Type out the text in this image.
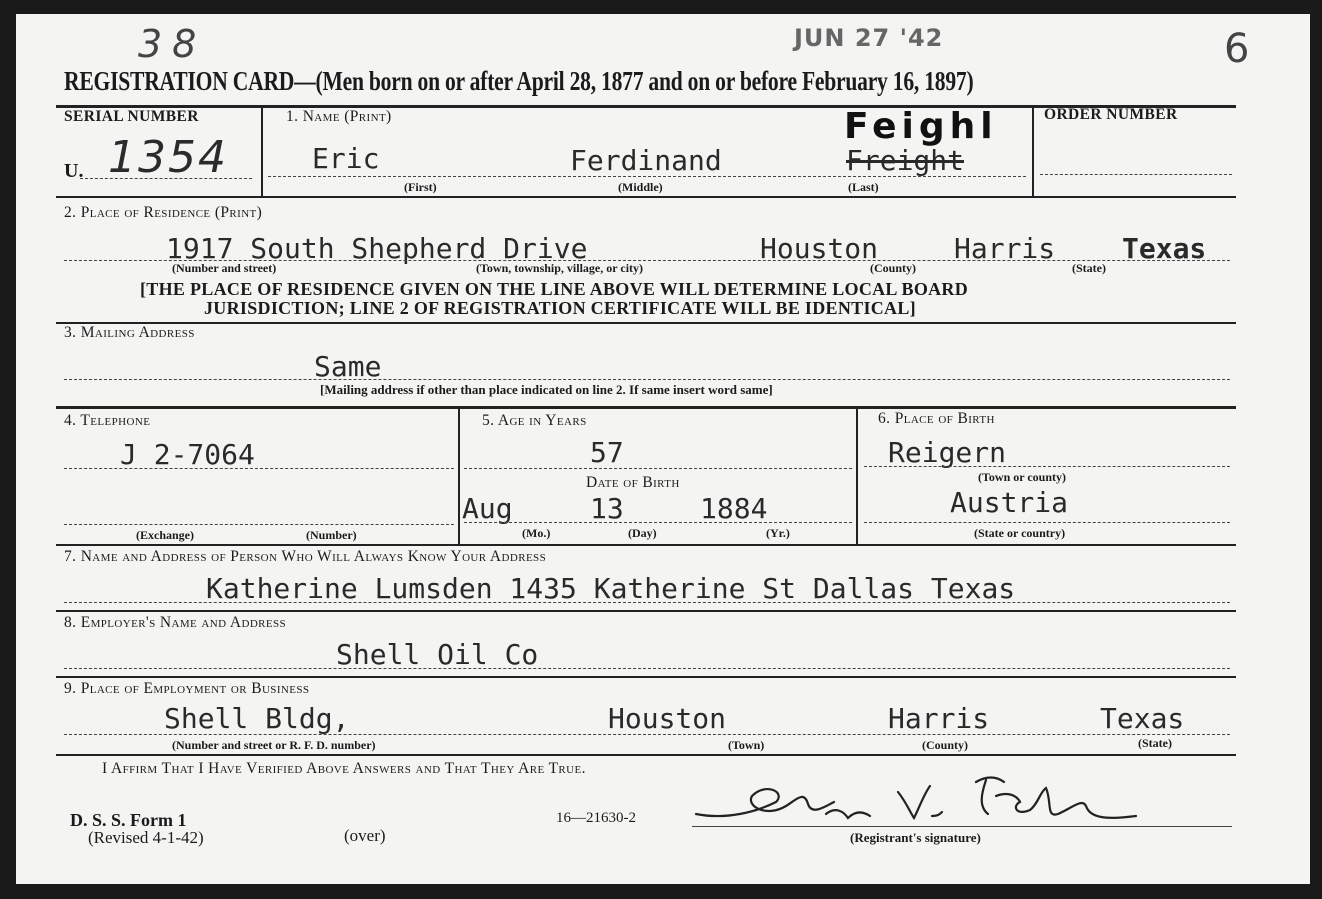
38	6
JUN 27 '42
REGISTRATION CARD—(Men born on or after April 28, 1877 and on or before February 16, 1897)
SERIAL NUMBER
U. 1354
1. Name (Print)
Eric	Ferdinand	Freight
Feighl
(First)	(Middle)	(Last)
ORDER NUMBER
2. Place of Residence (Print)
1917 South Shepherd Drive	Houston	Harris Texas
(Number and street)	(Town, township, village, or city)	(County)	(State)
[THE PLACE OF RESIDENCE GIVEN ON THE LINE ABOVE WILL DETERMINE LOCAL BOARD
JURISDICTION; LINE 2 OF REGISTRATION CERTIFICATE WILL BE IDENTICAL]
3. Mailing Address
Same
[Mailing address if other than place indicated on line 2. If same insert word same]
4. Telephone
J 2-7064
(Exchange)	(Number)
5. Age in Years
57
Date of Birth
Aug	13	1884
(Mo.)	(Day)	(Yr.)
6. Place of Birth
Reigern
(Town or county)
Austria
(State or country)
7. Name and Address of Person Who Will Always Know Your Address
Katherine Lumsden 1435 Katherine St Dallas Texas
8. Employer's Name and Address
Shell Oil Co
9. Place of Employment or Business
Shell Bldg,	Houston	Harris	Texas
(Number and street or R. F. D. number)	(Town)	(County)	(State)
I Affirm That I Have Verified Above Answers and That They Are True.
D. S. S. Form 1
(Revised 4-1-42)	(over)
16—21630-2
(Registrant's signature)
